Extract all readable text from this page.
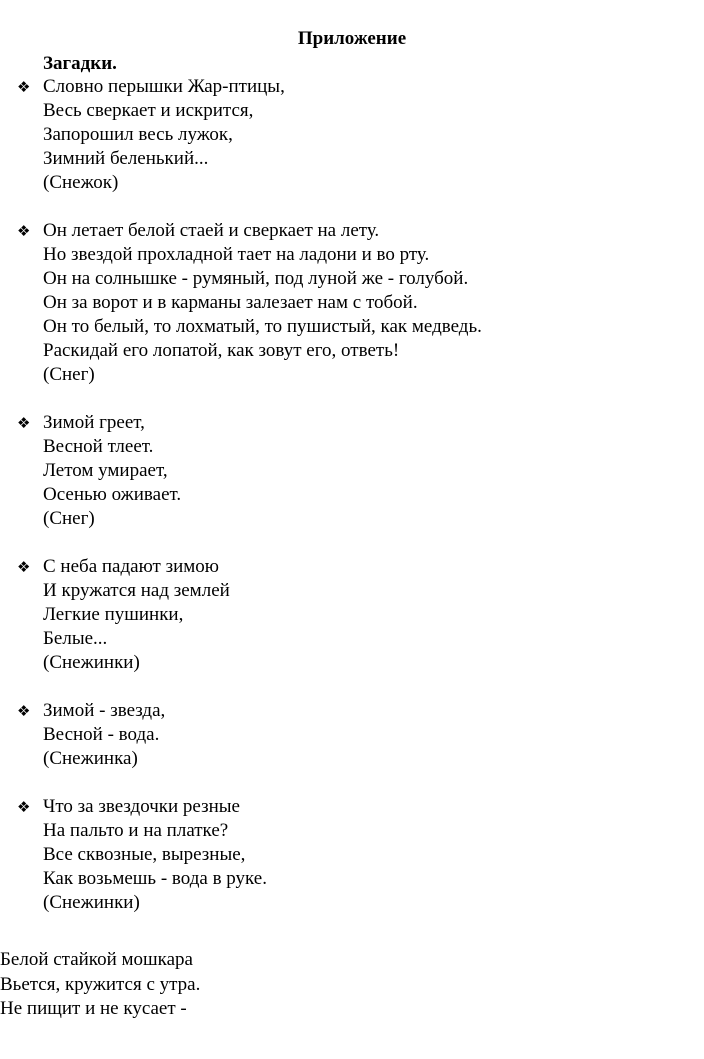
Приложение
Загадки.
❖ Словно перышки Жар-птицы,
Весь сверкает и искрится,
Запорошил весь лужок,
Зимний беленький...
(Снежок)
❖ Он летает белой стаей и сверкает на лету.
Но звездой прохладной тает на ладони и во рту.
Он на солнышке - румяный, под луной же - голубой.
Он за ворот и в карманы залезает нам с тобой.
Он то белый, то лохматый, то пушистый, как медведь.
Раскидай его лопатой, как зовут его, ответь!
(Снег)
❖ Зимой греет,
Весной тлеет.
Летом умирает,
Осенью оживает.
(Снег)
❖ С неба падают зимою
И кружатся над землей
Легкие пушинки,
Белые...
(Снежинки)
❖ Зимой - звезда,
Весной - вода.
(Снежинка)
❖ Что за звездочки резные
На пальто и на платке?
Все сквозные, вырезные,
Как возьмешь - вода в руке.
(Снежинки)
Белой стайкой мошкара
Вьется, кружится с утра.
Не пищит и не кусает -
